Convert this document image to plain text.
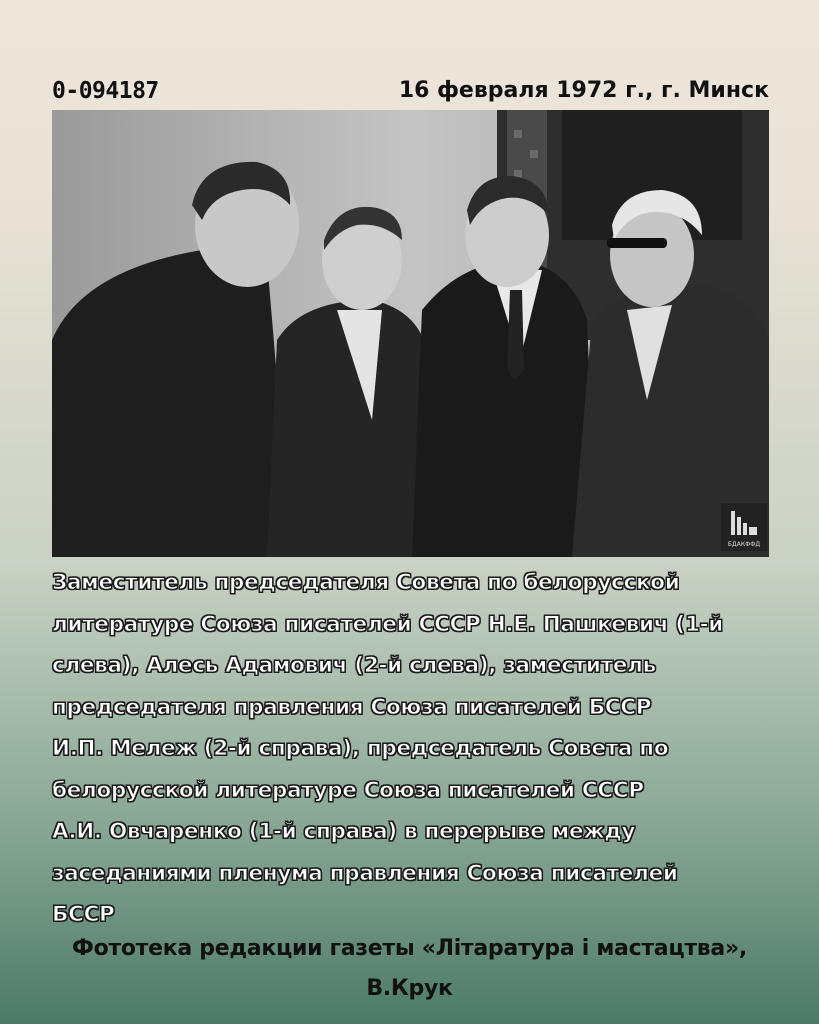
0-094187	16 февраля 1972 г., г. Минск
БДАКФФД
Заместитель председателя Совета по белорусской
литературе Союза писателей СССР Н.Е. Пашкевич (1-й
слева), Алесь Адамович (2-й слева), заместитель
председателя правления Союза писателей БССР
И.П. Мележ (2-й справа), председатель Совета по
белорусской литературе Союза писателей СССР
А.И. Овчаренко (1-й справа) в перерыве между
заседаниями пленума правления Союза писателей
БССР
Фототека редакции газеты «Літаратура і мастацтва»,
В.Крук
